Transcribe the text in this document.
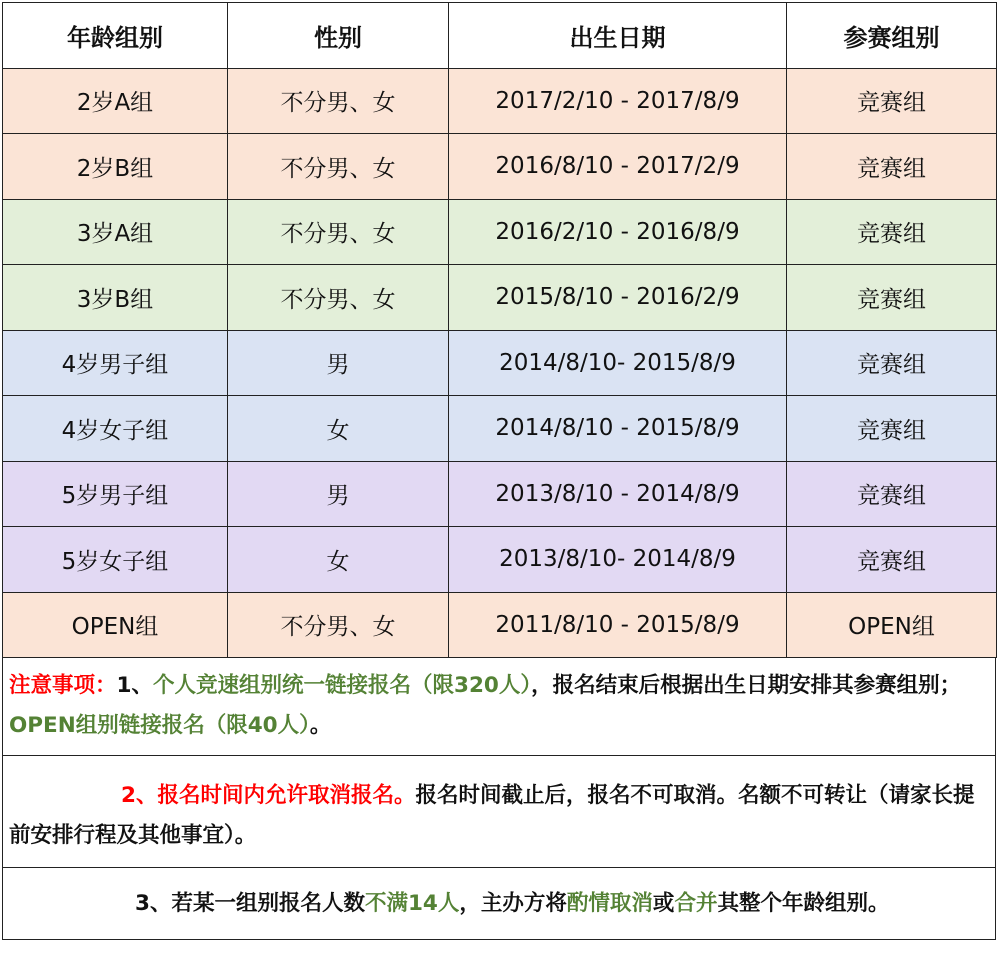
年龄组别	性别	出生日期	参赛组别
2岁A组	不分男、女	2017/2/10 - 2017/8/9	竞赛组
2岁B组	不分男、女	2016/8/10 - 2017/2/9	竞赛组
3岁A组	不分男、女	2016/2/10 - 2016/8/9	竞赛组
3岁B组	不分男、女	2015/8/10 - 2016/2/9	竞赛组
4岁男子组	男	2014/8/10- 2015/8/9	竞赛组
4岁女子组	女	2014/8/10 - 2015/8/9	竞赛组
5岁男子组	男	2013/8/10 - 2014/8/9	竞赛组
5岁女子组	女	2013/8/10- 2014/8/9	竞赛组
OPEN组	不分男、女	2011/8/10 - 2015/8/9	OPEN组
注意事项：1、个人竞速组别统一链接报名（限320人），报名结束后根据出生日期安排其参赛组别；OPEN组别链接报名（限40人）。
2、报名时间内允许取消报名。报名时间截止后，报名不可取消。名额不可转让（请家长提前安排行程及其他事宜）。
3、若某一组别报名人数不满14人，主办方将酌情取消或合并其整个年龄组别。
